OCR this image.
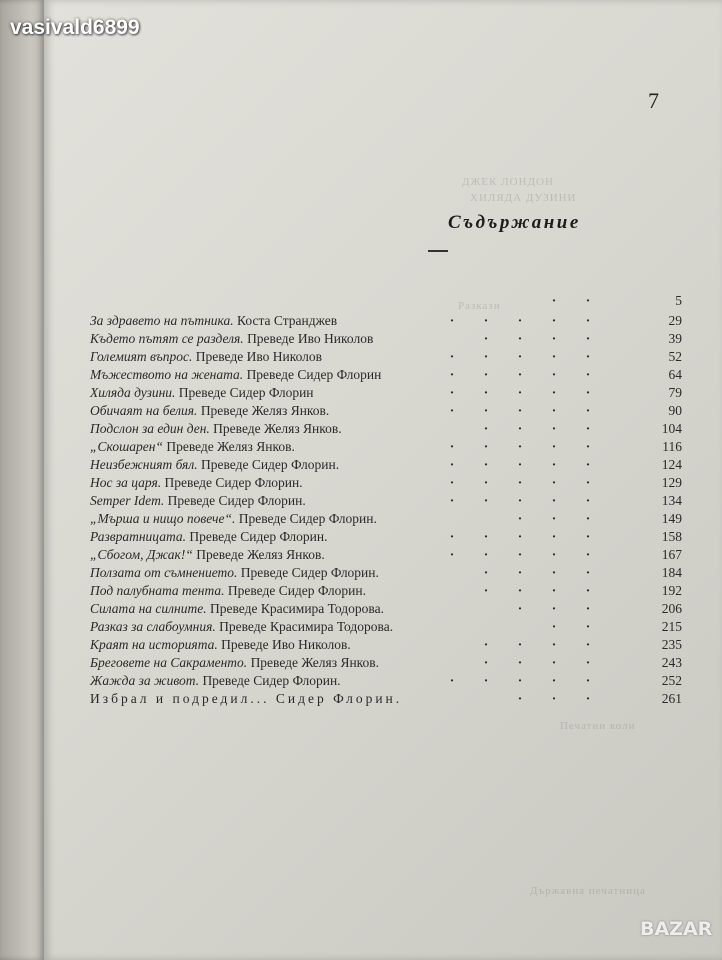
vasivald6899
7
ДЖЕК ЛОНДОН
ХИЛЯДА ДУЗИНИ
Разкази
Съдържание
· ·	5
За здравето на пътника. Коста Странджев	· · · · ·	29
Където пътят се разделя. Преведе Иво Николов	· · · ·	39
Големият въпрос. Преведе Иво Николов	· · · · ·	52
Мъжеството на жената. Преведе Сидер Флорин	· · · · ·	64
Хиляда дузини. Преведе Сидер Флорин	· · · · ·	79
Обичаят на белия. Преведе Желяз Янков.	· · · · ·	90
Подслон за един ден. Преведе Желяз Янков.	· · · ·	104
„Скошарен“ Преведе Желяз Янков.	· · · · ·	116
Неизбежният бял. Преведе Сидер Флорин.	· · · · ·	124
Нос за царя. Преведе Сидер Флорин.	· · · · ·	129
Semper Idem. Преведе Сидер Флорин.	· · · · ·	134
„Мърша и нищо повече“. Преведе Сидер Флорин.	· · ·	149
Развратницата. Преведе Сидер Флорин.	· · · · ·	158
„Сбогом, Джак!“ Преведе Желяз Янков.	· · · · ·	167
Ползата от съмнението. Преведе Сидер Флорин.	· · · ·	184
Под палубната тента. Преведе Сидер Флорин.	· · · ·	192
Силата на силните. Преведе Красимира Тодорова.	· · ·	206
Разказ за слабоумния. Преведе Красимира Тодорова.	· ·	215
Краят на историята. Преведе Иво Николов.	· · · ·	235
Бреговете на Сакраменто. Преведе Желяз Янков.	· · · ·	243
Жажда за живот. Преведе Сидер Флорин.	· · · · ·	252
Избрал и подредил... Сидер Флорин.	· · ·	261
Печатни коли
Държавна печатница
BAZAR
